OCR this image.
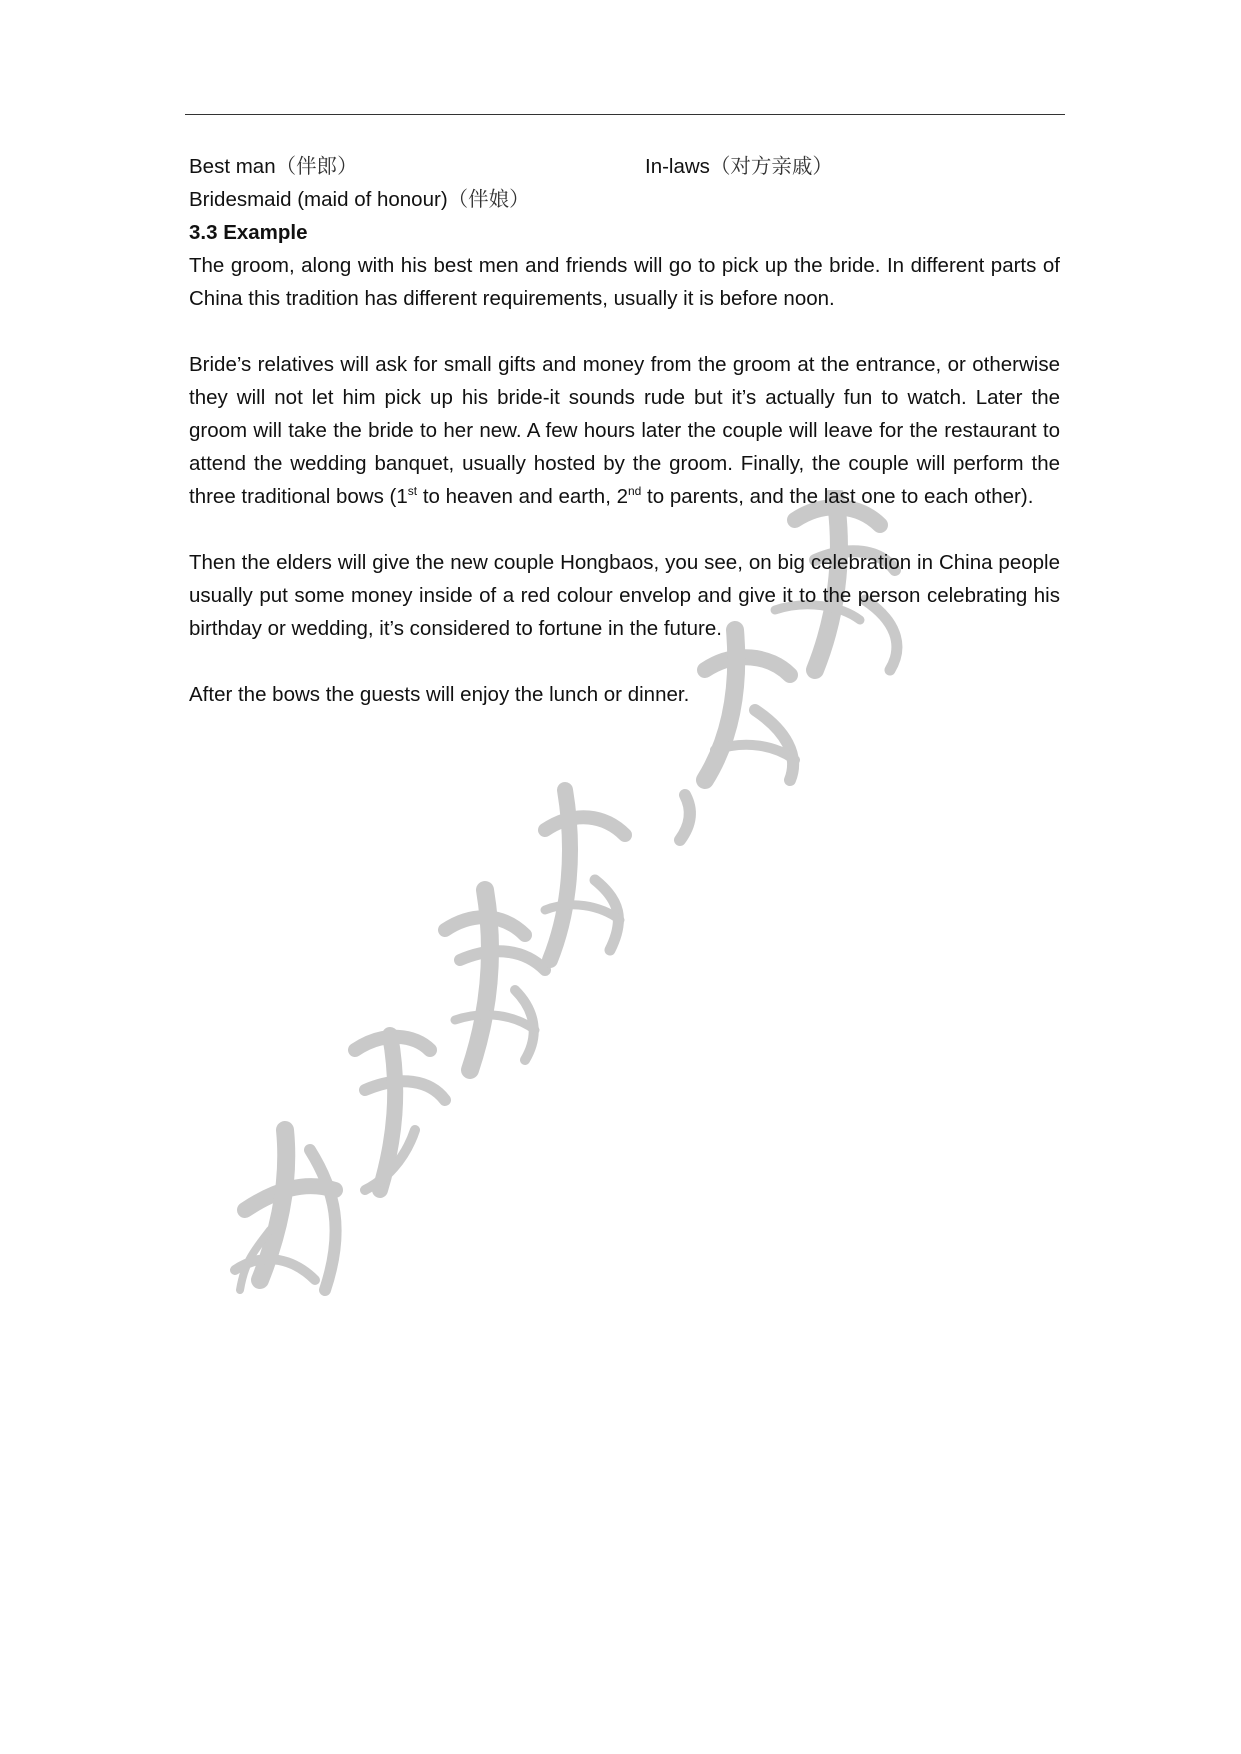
Best man（伴郎）	In-laws（对方亲戚）
Bridesmaid (maid of honour)（伴娘）
3.3 Example

The groom, along with his best men and friends will go to pick up the bride. In different parts of China this tradition has different requirements, usually it is before noon.

Bride’s relatives will ask for small gifts and money from the groom at the entrance, or otherwise they will not let him pick up his bride-it sounds rude but it’s actually fun to watch. Later the groom will take the bride to her new. A few hours later the couple will leave for the restaurant to attend the wedding banquet, usually hosted by the groom. Finally, the couple will perform the three traditional bows (1st to heaven and earth, 2nd to parents, and the last one to each other).

Then the elders will give the new couple Hongbaos, you see, on big celebration in China people usually put some money inside of a red colour envelop and give it to the person celebrating his birthday or wedding, it’s considered to fortune in the future.

After the bows the guests will enjoy the lunch or dinner.
